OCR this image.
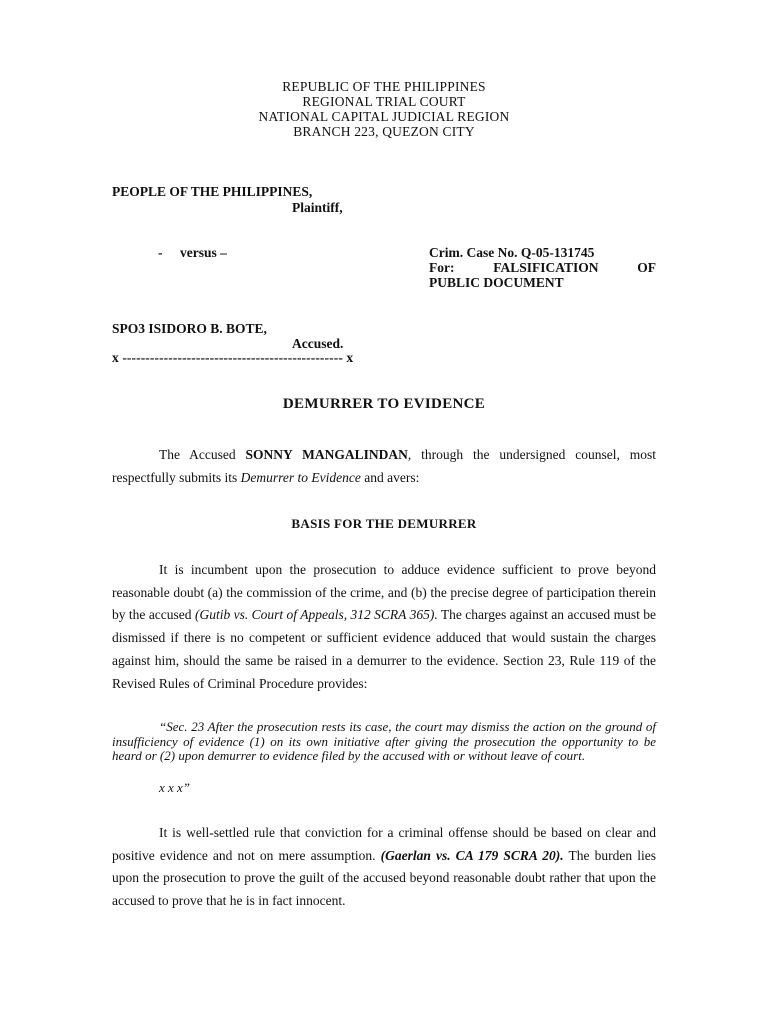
REPUBLIC OF THE PHILIPPINES
REGIONAL TRIAL COURT
NATIONAL CAPITAL JUDICIAL REGION
BRANCH 223, QUEZON CITY
PEOPLE OF THE PHILIPPINES,
Plaintiff,
- versus –	Crim. Case No. Q-05-131745
For:	FALSIFICATION	OF
PUBLIC DOCUMENT
SPO3 ISIDORO B. BOTE,
Accused.
x ------------------------------------------------ x
DEMURRER TO EVIDENCE
The Accused SONNY MANGALINDAN, through the undersigned counsel, most respectfully submits its Demurrer to Evidence and avers:
BASIS FOR THE DEMURRER
It is incumbent upon the prosecution to adduce evidence sufficient to prove beyond reasonable doubt (a) the commission of the crime, and (b) the precise degree of participation therein by the accused (Gutib vs. Court of Appeals, 312 SCRA 365). The charges against an accused must be dismissed if there is no competent or sufficient evidence adduced that would sustain the charges against him, should the same be raised in a demurrer to the evidence. Section 23, Rule 119 of the Revised Rules of Criminal Procedure provides:
“Sec. 23 After the prosecution rests its case, the court may dismiss the action on the ground of insufficiency of evidence (1) on its own initiative after giving the prosecution the opportunity to be heard or (2) upon demurrer to evidence filed by the accused with or without leave of court.
x x x”
It is well-settled rule that conviction for a criminal offense should be based on clear and positive evidence and not on mere assumption. (Gaerlan vs. CA 179 SCRA 20). The burden lies upon the prosecution to prove the guilt of the accused beyond reasonable doubt rather that upon the accused to prove that he is in fact innocent.
